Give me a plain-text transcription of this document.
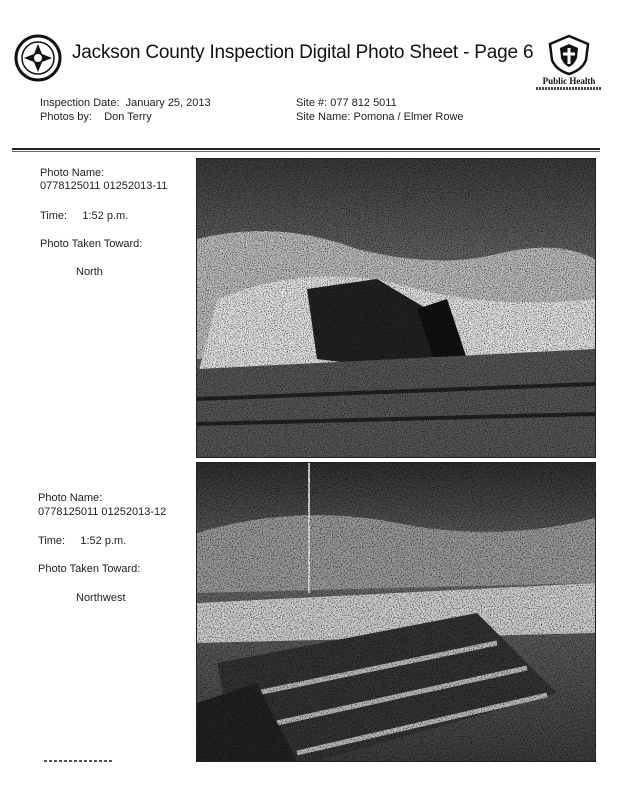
Jackson County Inspection Digital Photo Sheet - Page 6
Public Health
Inspection Date: January 25, 2013
Photos by: Don Terry
Site #: 077 812 5011
Site Name: Pomona / Elmer Rowe
Photo Name:
0778125011 01252013-11
Time: 1:52 p.m.
Photo Taken Toward:
North
Photo Name:
0778125011 01252013-12
Time: 1:52 p.m.
Photo Taken Toward:
Northwest
